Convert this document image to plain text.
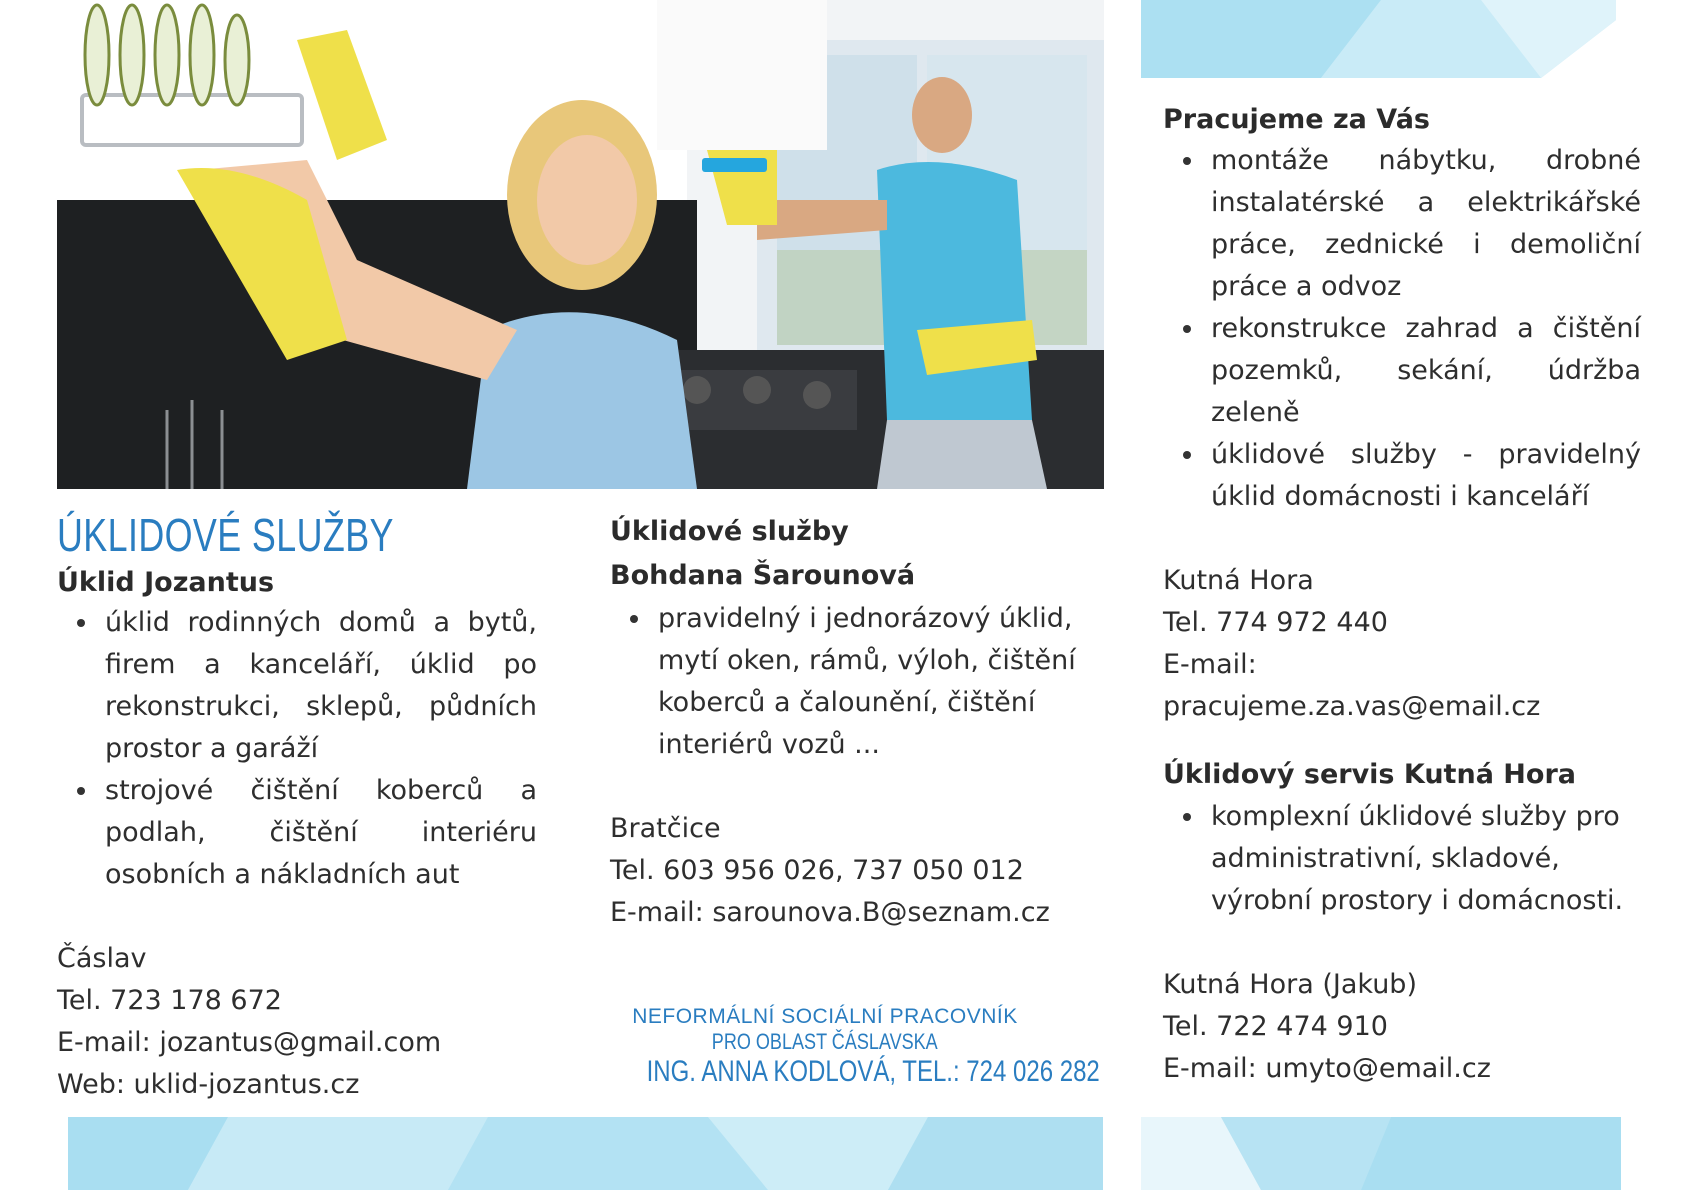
ÚKLIDOVÉ SLUŽBY
Úklid Jozantus
úklid rodinných domů a bytů, firem a kanceláří, úklid po rekonstrukci, sklepů, půdních prostor a garáží
strojové čištění koberců a podlah, čištění interiéru osobních a nákladních aut

Čáslav

Tel. 723 178 672

E-mail: jozantus@gmail.com

Web: uklid-jozantus.cz

Úklidové služby
Bohdana Šarounová
pravidelný i jednorázový úklid, mytí oken, rámů, výloh, čištění koberců a čalounění, čištění interiérů vozů ...

Bratčice

Tel. 603 956 026, 737 050 012

E-mail: sarounova.B@seznam.cz

NEFORMÁLNÍ SOCIÁLNÍ PRACOVNÍK
PRO OBLAST ČÁSLAVSKA
ING. ANNA KODLOVÁ, TEL.: 724 026 282
Pracujeme za Vás
montáže nábytku, drobné instalatérské a elektrikářské práce, zednické i demoliční práce a odvoz
rekonstrukce zahrad a čištění pozemků, sekání, údržba zeleně
úklidové služby - pravidelný úklid domácnosti i kanceláří

Kutná Hora

Tel. 774 972 440

E-mail:

pracujeme.za.vas@email.cz

Úklidový servis Kutná Hora
komplexní úklidové služby pro administrativní, skladové, výrobní prostory i domácnosti.

Kutná Hora (Jakub)

Tel. 722 474 910

E-mail: umyto@email.cz
